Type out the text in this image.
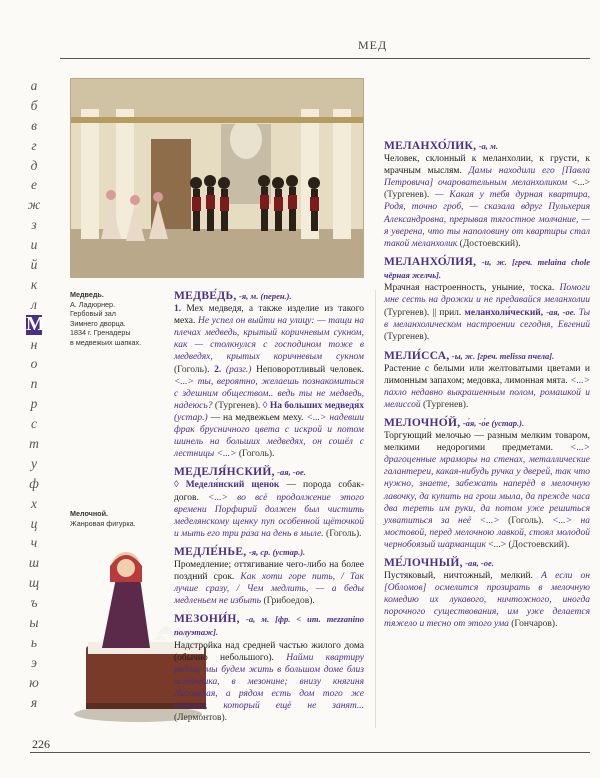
МЕД
а
б
в
г
д
е
ж
з
и
й
к
л
М
н
о
п
р
с
т
у
ф
х
ц
ч
ш
щ
ъ
ы
ь
э
ю
я
Медведь.
А. Ладюрнер.
Гербовый зал
Зимнего дворца.
1834 г. Гренадеры
в медвежьих шапках.
Мелочной.
Жанровая фигурка.

МЕДВЕ́ДЬ, -я, м. (перен.).
1. Мех медведя, а также изделие из такого меха. Не успел он выйти на улицу: — тащи на плечах медведь, крытый коричневым сукном, как — столкнулся с господином тоже в медведях, крытых коричневым сукном (Гоголь). 2. (разг.) Неповоротливый человек. <...> ты, вероятно, желаешь познакомиться с здешним обществом.. ведь ты не медведь, надеюсь? (Тургенев). ◊ На больших медведя́х (устар.) — на медвежьем меху. <...> надевши фрак брусничного цвета с искрой и потом шинель на больших медведях, он сошёл с лестницы <...> (Гоголь).

МЕДЕЛЯ́НСКИЙ, -ая, -ое.
◊ Меделя́нский щено́к — порода собак-догов. <...> во всё продолжение этого времени Порфирий должен был чистить меделянскому щенку пуп особенной щёточкой и мыть его три раза на день в мыле. (Гоголь).

МЕДЛЕ́НЬЕ, -я, ср. (устар.).
Промедление; оттягивание чего-либо на более поздний срок. Как хоти горе пить, / Так лучше сразу, / Чем медлить, — а беды медленьем не избыть (Грибоедов).

МЕЗОНИ́Н, -а, м. [фр. < ит. mezzanino полуэтаж].
Надстройка над средней частью жилого дома (обычно небольшого). Найми квартиру рядом; мы будем жить в большом доме близ источника, в мезонине; внизу княгиня Лиговская, а рядом есть дом того же хозяина, который ещё не занят... (Лермонтов).

МЕЛАНХО́ЛИК, -а, м.
Человек, склонный к меланхолии, к грусти, к мрачным мыслям. Дамы находили его [Павла Петровича] очаровательным меланхоликом <...> (Тургенев). — Какая у тебя дурная квартира, Родя, точно гроб, — сказала вдруг Пульхерия Александровна, прерывая тягостное молчание, — я уверена, что ты наполовину от квартиры стал такой меланхолик (Достоевский).

МЕЛАНХО́ЛИЯ, -и, ж. [греч. melaina chole чёрная желчь].
Мрачная настроенность, уныние, тоска. Помоги мне сесть на дрожки и не предавайся меланхолии (Тургенев). || прил. меланхоли́ческий, -ая, -ое. Ты в меланхолическом настроении сегодня, Евгений (Тургенев).

МЕЛИ́ССА, -ы, ж. [греч. melissa пчела].
Растение с белыми или желтоватыми цветами и лимонным запахом; медовка, лимонная мята. <...> пахло недавно выкрашенным полом, ромашкой и мелиссой (Тургенев).

МЕЛОЧНО́Й, -а́я, -о́е (устар.).
Торгующий мелочью — разным мелким товаром, мелкими недорогими предметами. <...> драгоценные мрамоpы на стенах, металлические галантереи, какая-нибудь ручка у дверей, так что нужно, знаете, забежать наперёд в мелочную лавочку, да купить на грош мыла, да прежде часа два тереть им руки, да потом уже решиться ухватиться за неё <...> (Гоголь). <...> на мостовой, перед мелочною лавкой, стоял молодой чернобоязый шарманщик <...> (Достоевский).

МЕ́ЛОЧНЫЙ, -ая, -ое.
Пустяковый, ничтожный, мелкий. А если он [Обломов] осмелится прозирать в мелочную комедию их лукавого, ничтожного, иногда порочного существования, им уже делается тяжело и тесно от этого ума (Гончаров).

226
